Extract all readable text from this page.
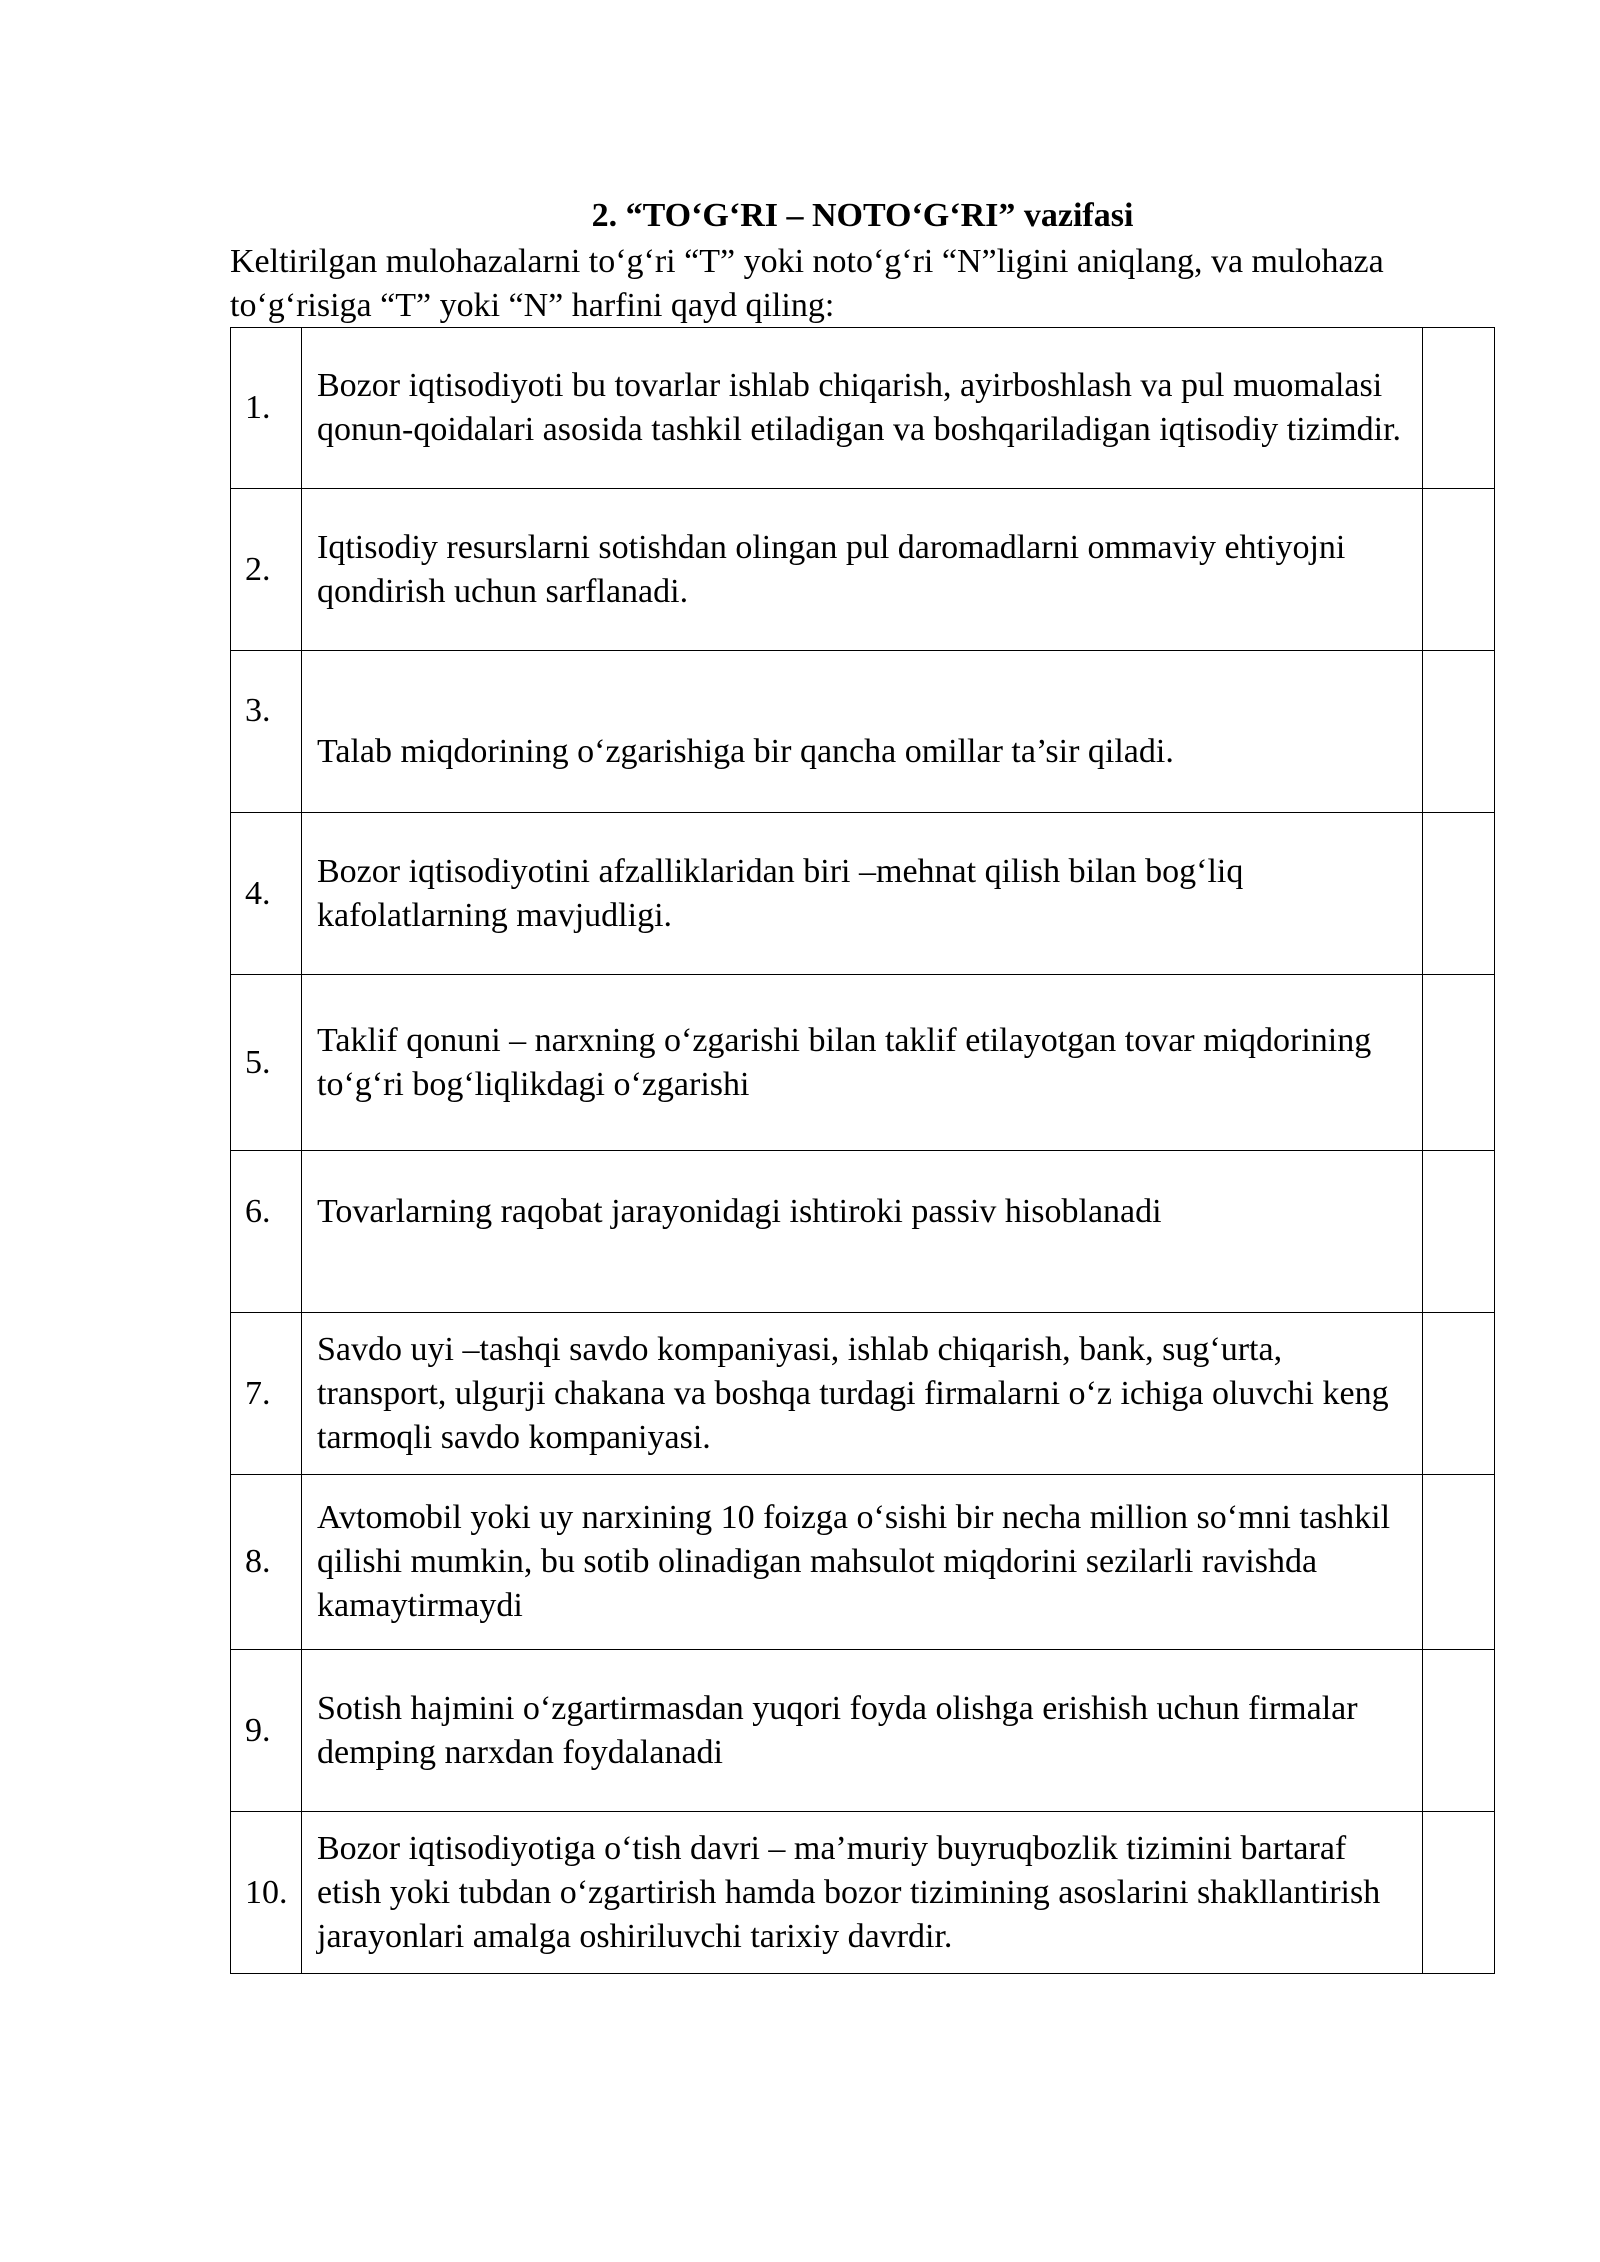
2. “TO‘G‘RI – NOTO‘G‘RI” vazifasi
Keltirilgan mulohazalarni to‘g‘ri “T” yoki noto‘g‘ri “N”ligini aniqlang, va mulohaza to‘g‘risiga “T” yoki “N” harfini qayd qiling:
1.	Bozor iqtisodiyoti bu tovarlar ishlab chiqarish, ayirboshlash va pul muomalasi qonun-qoidalari asosida tashkil etiladigan va boshqariladigan iqtisodiy tizimdir.	
2.	Iqtisodiy resurslarni sotishdan olingan pul daromadlarni ommaviy ehtiyojni qondirish uchun sarflanadi.	
3.	Talab miqdorining o‘zgarishiga bir qancha omillar ta’sir qiladi.	
4.	Bozor iqtisodiyotini afzalliklaridan biri –mehnat qilish bilan bog‘liq kafolatlarning mavjudligi.	
5.	Taklif qonuni – narxning o‘zgarishi bilan taklif etilayotgan tovar miqdorining to‘g‘ri bog‘liqlikdagi o‘zgarishi	
6.	Tovarlarning raqobat jarayonidagi ishtiroki passiv hisoblanadi	
7.	Savdo uyi –tashqi savdo kompaniyasi, ishlab chiqarish, bank, sug‘urta, transport, ulgurji chakana va boshqa turdagi firmalarni o‘z ichiga oluvchi keng tarmoqli savdo kompaniyasi.	
8.	Avtomobil yoki uy narxining 10 foizga o‘sishi bir necha million so‘mni tashkil qilishi mumkin, bu sotib olinadigan mahsulot miqdorini sezilarli ravishda kamaytirmaydi	
9.	Sotish hajmini o‘zgartirmasdan yuqori foyda olishga erishish uchun firmalar demping narxdan foydalanadi	
10.	Bozor iqtisodiyotiga o‘tish davri – ma’muriy buyruqbozlik tizimini bartaraf etish yoki tubdan o‘zgartirish hamda bozor tizimining asoslarini shakllantirish jarayonlari amalga oshiriluvchi tarixiy davrdir.	
